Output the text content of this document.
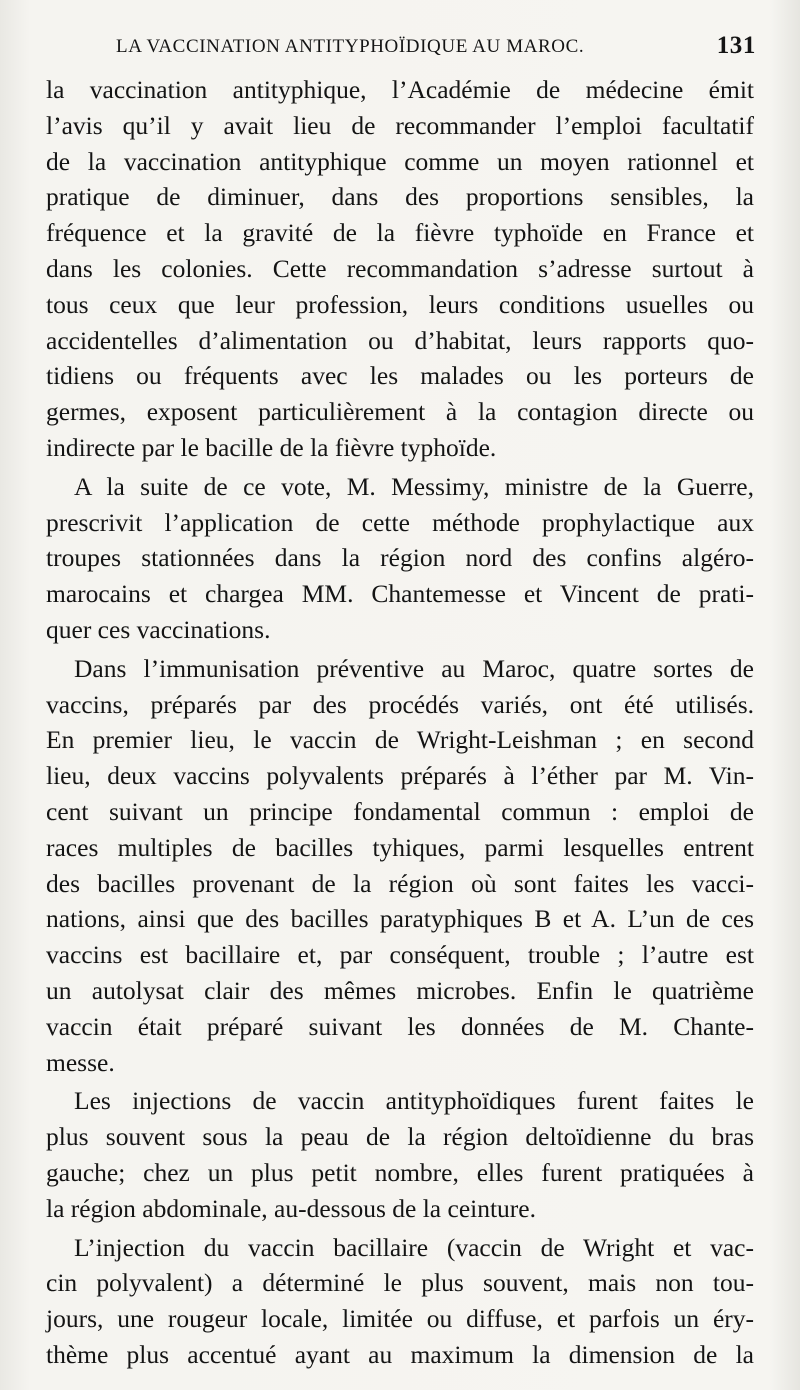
LA VACCINATION ANTITYPHOÏDIQUE AU MAROC.	131
la vaccination antityphique, l’Académie de médecine émit
l’avis qu’il y avait lieu de recommander l’emploi facultatif
de la vaccination antityphique comme un moyen rationnel et
pratique de diminuer, dans des proportions sensibles, la
fréquence et la gravité de la fièvre typhoïde en France et
dans les colonies. Cette recommandation s’adresse surtout à
tous ceux que leur profession, leurs conditions usuelles ou
accidentelles d’alimentation ou d’habitat, leurs rapports quo-
tidiens ou fréquents avec les malades ou les porteurs de
germes, exposent particulièrement à la contagion directe ou
indirecte par le bacille de la fièvre typhoïde.
A la suite de ce vote, M. Messimy, ministre de la Guerre,
prescrivit l’application de cette méthode prophylactique aux
troupes stationnées dans la région nord des confins algéro-
marocains et chargea MM. Chantemesse et Vincent de prati-
quer ces vaccinations.
Dans l’immunisation préventive au Maroc, quatre sortes de
vaccins, préparés par des procédés variés, ont été utilisés.
En premier lieu, le vaccin de Wright-Leishman ; en second
lieu, deux vaccins polyvalents préparés à l’éther par M. Vin-
cent suivant un principe fondamental commun : emploi de
races multiples de bacilles tyhiques, parmi lesquelles entrent
des bacilles provenant de la région où sont faites les vacci-
nations, ainsi que des bacilles paratyphiques B et A. L’un de ces
vaccins est bacillaire et, par conséquent, trouble ; l’autre est
un autolysat clair des mêmes microbes. Enfin le quatrième
vaccin était préparé suivant les données de M. Chante-
messe.
Les injections de vaccin antityphoïdiques furent faites le
plus souvent sous la peau de la région deltoïdienne du bras
gauche; chez un plus petit nombre, elles furent pratiquées à
la région abdominale, au-dessous de la ceinture.
L’injection du vaccin bacillaire (vaccin de Wright et vac-
cin polyvalent) a déterminé le plus souvent, mais non tou-
jours, une rougeur locale, limitée ou diffuse, et parfois un éry-
thème plus accentué ayant au maximum la dimension de la
